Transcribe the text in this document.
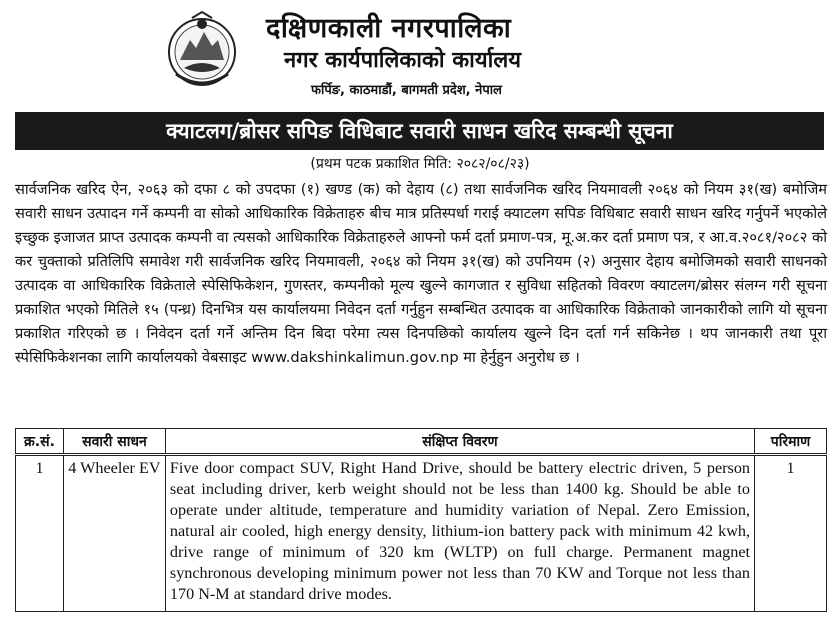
दक्षिणकाली नगरपालिका
नगर कार्यपालिकाको कार्यालय
फर्पिङ, काठमाडौं, बागमती प्रदेश, नेपाल
क्याटलग/ब्रोसर सपिङ विधिबाट सवारी साधन खरिद सम्बन्धी सूचना
(प्रथम पटक प्रकाशित मिति: २०८२/०८/२३)
सार्वजनिक खरिद ऐन, २०६३ को दफा ८ को उपदफा (१) खण्ड (क) को देहाय (८) तथा सार्वजनिक खरिद नियमावली २०६४ को नियम ३१(ख) बमोजिम सवारी साधन उत्पादन गर्ने कम्पनी वा सोको आधिकारिक विक्रेताहरु बीच मात्र प्रतिस्पर्धा गराई क्याटलग सपिङ विधिबाट सवारी साधन खरिद गर्नुपर्ने भएकोले इच्छुक इजाजत प्राप्त उत्पादक कम्पनी वा त्यसको आधिकारिक विक्रेताहरुले आफ्नो फर्म दर्ता प्रमाण-पत्र, मू.अ.कर दर्ता प्रमाण पत्र, र आ.व.२०८१/२०८२ को कर चुक्ताको प्रतिलिपि समावेश गरी सार्वजनिक खरिद नियमावली, २०६४ को नियम ३१(ख) को उपनियम (२) अनुसार देहाय बमोजिमको सवारी साधनको उत्पादक वा आधिकारिक विक्रेताले स्पेसिफिकेशन, गुणस्तर, कम्पनीको मूल्य खुल्ने कागजात र सुविधा सहितको विवरण क्याटलग/ब्रोसर संलग्न गरी सूचना प्रकाशित भएको मितिले १५ (पन्ध्र) दिनभित्र यस कार्यालयमा निवेदन दर्ता गर्नुहुन सम्बन्धित उत्पादक वा आधिकारिक विक्रेताको जानकारीको लागि यो सूचना प्रकाशित गरिएको छ । निवेदन दर्ता गर्ने अन्तिम दिन बिदा परेमा त्यस दिनपछिको कार्यालय खुल्ने दिन दर्ता गर्न सकिनेछ । थप जानकारी तथा पूरा स्पेसिफिकेशनका लागि कार्यालयको वेबसाइट www.dakshinkalimun.gov.np मा हेर्नुहुन अनुरोध छ ।
क्र.सं.	सवारी साधन	संक्षिप्त विवरण	परिमाण
1	4 Wheeler EV	Five door compact SUV, Right Hand Drive, should be battery electric driven, 5 person seat including driver, kerb weight should not be less than 1400 kg. Should be able to operate under altitude, temperature and humidity variation of Nepal. Zero Emission, natural air cooled, high energy density, lithium-ion battery pack with minimum 42 kwh, drive range of minimum of 320 km (WLTP) on full charge. Permanent magnet synchronous developing minimum power not less than 70 KW and Torque not less than 170 N-M at standard drive modes.	1
